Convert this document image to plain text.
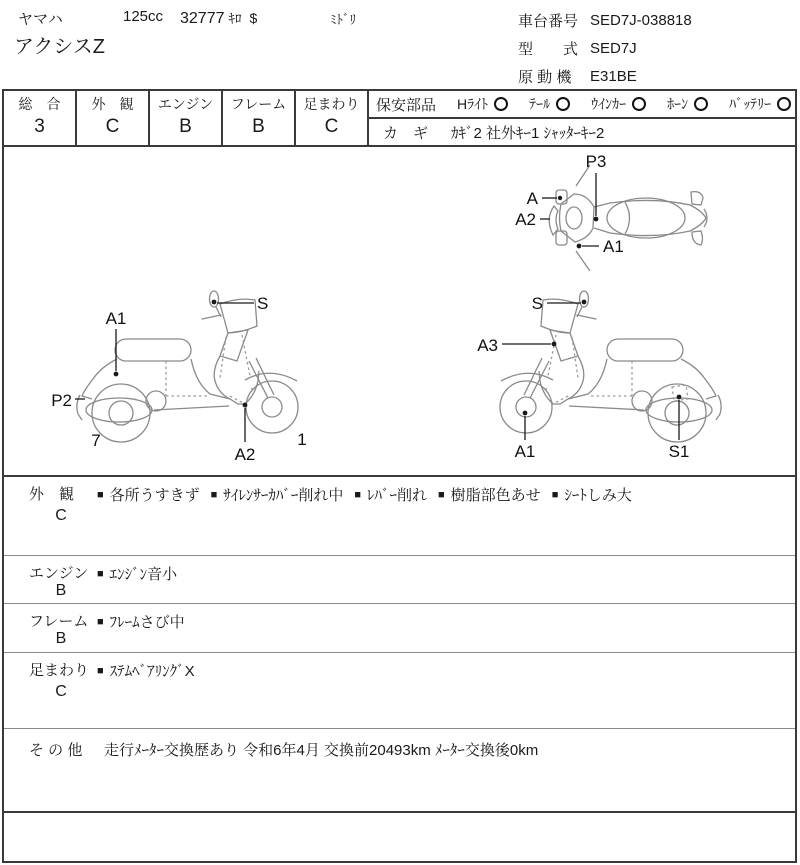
ヤマハ	125cc 32777 ｷﾛ $	ﾐﾄﾞﾘ
アクシスZ
車台番号 SED7J-038818
型　　式 SED7J
原 動 機	E31BE
総　合
3
外　観
C
エンジン
B
フレーム
B
足まわり
C
保安部品 Hﾗｲﾄ	ﾃｰﾙ	ｳｲﾝｶｰ	ﾎｰﾝ	ﾊﾞｯﾃﾘｰ
カ　ギ ｶｷﾞ2 社外ｷｰ1 ｼｬｯﾀｰｷｰ2
P3
A
A2
A1
A1
S
P2
7
A2
1
S
A3
A1	S1
外　観
C
■ 各所うすきず ■ ｻｲﾚﾝｻｰｶﾊﾞｰ削れ中 ■ ﾚﾊﾞｰ削れ ■ 樹脂部色あせ ■ ｼｰﾄしみ大
エンジン
B
■ ｴﾝｼﾞﾝ音小
フレーム
B
■ ﾌﾚｰﾑさび中
足まわり
C
■ ｽﾃﾑﾍﾞｱﾘﾝｸﾞX
そ の 他 走行ﾒｰﾀｰ交換歴あり 令和6年4月 交換前20493km ﾒｰﾀｰ交換後0km
